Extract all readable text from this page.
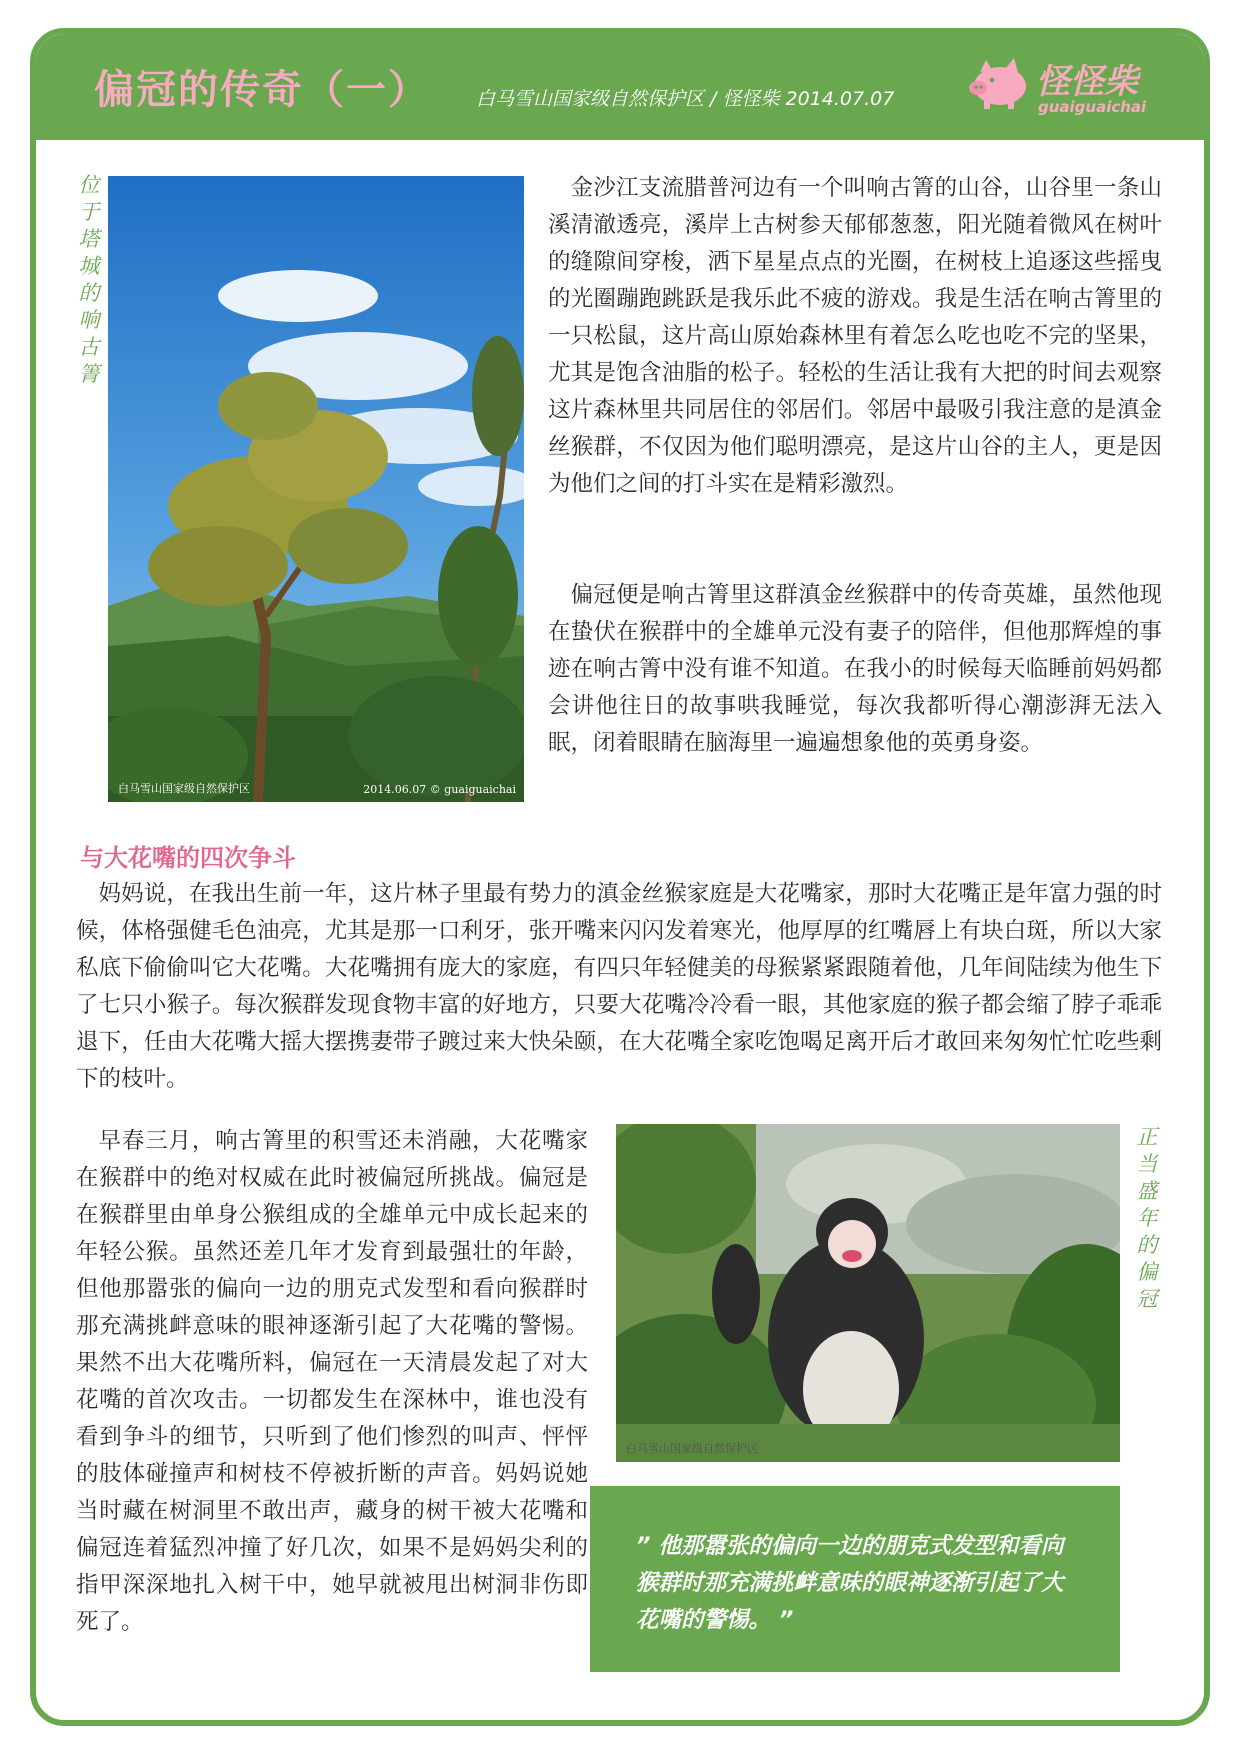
偏冠的传奇（一） 白马雪山国家级自然保护区 / 怪怪柴 2014.07.07	怪怪柴
guaiguaichai
位于塔城的响古箐
白马雪山国家级自然保护区	2014.06.07 © guaiguaichai

金沙江支流腊普河边有一个叫响古箐的山谷，山谷里一条山溪清澈透亮，溪岸上古树参天郁郁葱葱，阳光随着微风在树叶的缝隙间穿梭，洒下星星点点的光圈，在树枝上追逐这些摇曳的光圈蹦跑跳跃是我乐此不疲的游戏。我是生活在响古箐里的一只松鼠，这片高山原始森林里有着怎么吃也吃不完的坚果，尤其是饱含油脂的松子。轻松的生活让我有大把的时间去观察这片森林里共同居住的邻居们。邻居中最吸引我注意的是滇金丝猴群，不仅因为他们聪明漂亮，是这片山谷的主人，更是因为他们之间的打斗实在是精彩激烈。

偏冠便是响古箐里这群滇金丝猴群中的传奇英雄，虽然他现在蛰伏在猴群中的全雄单元没有妻子的陪伴，但他那辉煌的事迹在响古箐中没有谁不知道。在我小的时候每天临睡前妈妈都会讲他往日的故事哄我睡觉，每次我都听得心潮澎湃无法入眠，闭着眼睛在脑海里一遍遍想象他的英勇身姿。

与大花嘴的四次争斗

妈妈说，在我出生前一年，这片林子里最有势力的滇金丝猴家庭是大花嘴家，那时大花嘴正是年富力强的时候，体格强健毛色油亮，尤其是那一口利牙，张开嘴来闪闪发着寒光，他厚厚的红嘴唇上有块白斑，所以大家私底下偷偷叫它大花嘴。大花嘴拥有庞大的家庭，有四只年轻健美的母猴紧紧跟随着他，几年间陆续为他生下了七只小猴子。每次猴群发现食物丰富的好地方，只要大花嘴冷冷看一眼，其他家庭的猴子都会缩了脖子乖乖退下，任由大花嘴大摇大摆携妻带子踱过来大快朵颐，在大花嘴全家吃饱喝足离开后才敢回来匆匆忙忙吃些剩下的枝叶。

早春三月，响古箐里的积雪还未消融，大花嘴家在猴群中的绝对权威在此时被偏冠所挑战。偏冠是在猴群里由单身公猴组成的全雄单元中成长起来的年轻公猴。虽然还差几年才发育到最强壮的年龄，但他那嚣张的偏向一边的朋克式发型和看向猴群时那充满挑衅意味的眼神逐渐引起了大花嘴的警惕。果然不出大花嘴所料，偏冠在一天清晨发起了对大花嘴的首次攻击。一切都发生在深林中，谁也没有看到争斗的细节，只听到了他们惨烈的叫声、怦怦的肢体碰撞声和树枝不停被折断的声音。妈妈说她当时藏在树洞里不敢出声，藏身的树干被大花嘴和偏冠连着猛烈冲撞了好几次，如果不是妈妈尖利的指甲深深地扎入树干中，她早就被甩出树洞非伤即死了。

白马雪山国家级自然保护区
正当盛年的偏冠

” 他那嚣张的偏向一边的朋克式发型和看向猴群时那充满挑衅意味的眼神逐渐引起了大花嘴的警惕。 ”
